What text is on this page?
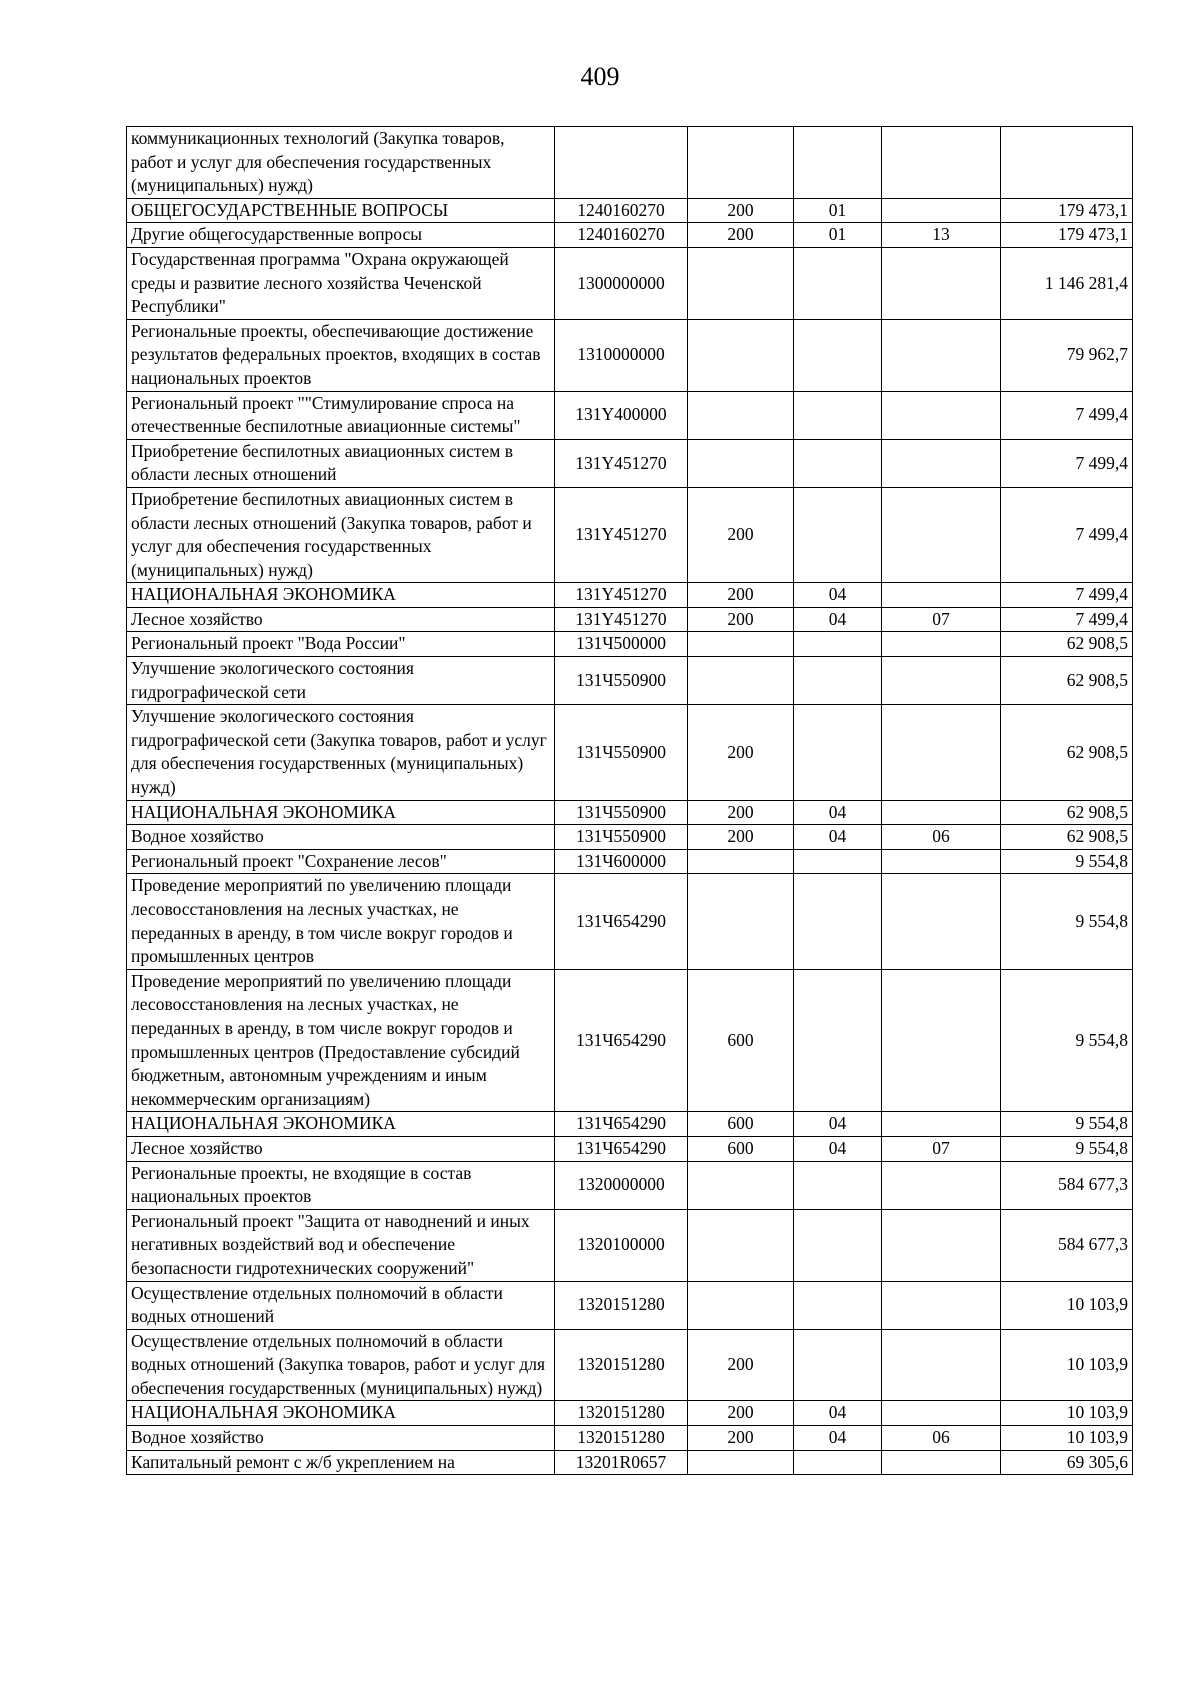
409
коммуникационных технологий (Закупка товаров, работ и услуг для обеспечения государственных (муниципальных) нужд)					
ОБЩЕГОСУДАРСТВЕННЫЕ ВОПРОСЫ	1240160270	200	01		179 473,1
Другие общегосударственные вопросы	1240160270	200	01	13	179 473,1
Государственная программа "Охрана окружающей среды и развитие лесного хозяйства Чеченской Республики"	1300000000				1 146 281,4
Региональные проекты, обеспечивающие достижение результатов федеральных проектов, входящих в состав национальных проектов	1310000000				79 962,7
Региональный проект ""Стимулирование спроса на отечественные беспилотные авиационные системы"	131Y400000				7 499,4
Приобретение беспилотных авиационных систем в области лесных отношений	131Y451270				7 499,4
Приобретение беспилотных авиационных систем в области лесных отношений (Закупка товаров, работ и услуг для обеспечения государственных (муниципальных) нужд)	131Y451270	200			7 499,4
НАЦИОНАЛЬНАЯ ЭКОНОМИКА	131Y451270	200	04		7 499,4
Лесное хозяйство	131Y451270	200	04	07	7 499,4
Региональный проект "Вода России"	131Ч500000				62 908,5
Улучшение экологического состояния гидрографической сети	131Ч550900				62 908,5
Улучшение экологического состояния гидрографической сети (Закупка товаров, работ и услуг для обеспечения государственных (муниципальных) нужд)	131Ч550900	200			62 908,5
НАЦИОНАЛЬНАЯ ЭКОНОМИКА	131Ч550900	200	04		62 908,5
Водное хозяйство	131Ч550900	200	04	06	62 908,5
Региональный проект "Сохранение лесов"	131Ч600000				9 554,8
Проведение мероприятий по увеличению площади лесовосстановления на лесных участках, не переданных в аренду, в том числе вокруг городов и промышленных центров	131Ч654290				9 554,8
Проведение мероприятий по увеличению площади лесовосстановления на лесных участках, не переданных в аренду, в том числе вокруг городов и промышленных центров (Предоставление субсидий бюджетным, автономным учреждениям и иным некоммерческим организациям)	131Ч654290	600			9 554,8
НАЦИОНАЛЬНАЯ ЭКОНОМИКА	131Ч654290	600	04		9 554,8
Лесное хозяйство	131Ч654290	600	04	07	9 554,8
Региональные проекты, не входящие в состав национальных проектов	1320000000				584 677,3
Региональный проект "Защита от наводнений и иных негативных воздействий вод и обеспечение безопасности гидротехнических сооружений"	1320100000				584 677,3
Осуществление отдельных полномочий в области водных отношений	1320151280				10 103,9
Осуществление отдельных полномочий в области водных отношений (Закупка товаров, работ и услуг для обеспечения государственных (муниципальных) нужд)	1320151280	200			10 103,9
НАЦИОНАЛЬНАЯ ЭКОНОМИКА	1320151280	200	04		10 103,9
Водное хозяйство	1320151280	200	04	06	10 103,9
Капитальный ремонт с ж/б укреплением на	13201R0657				69 305,6
